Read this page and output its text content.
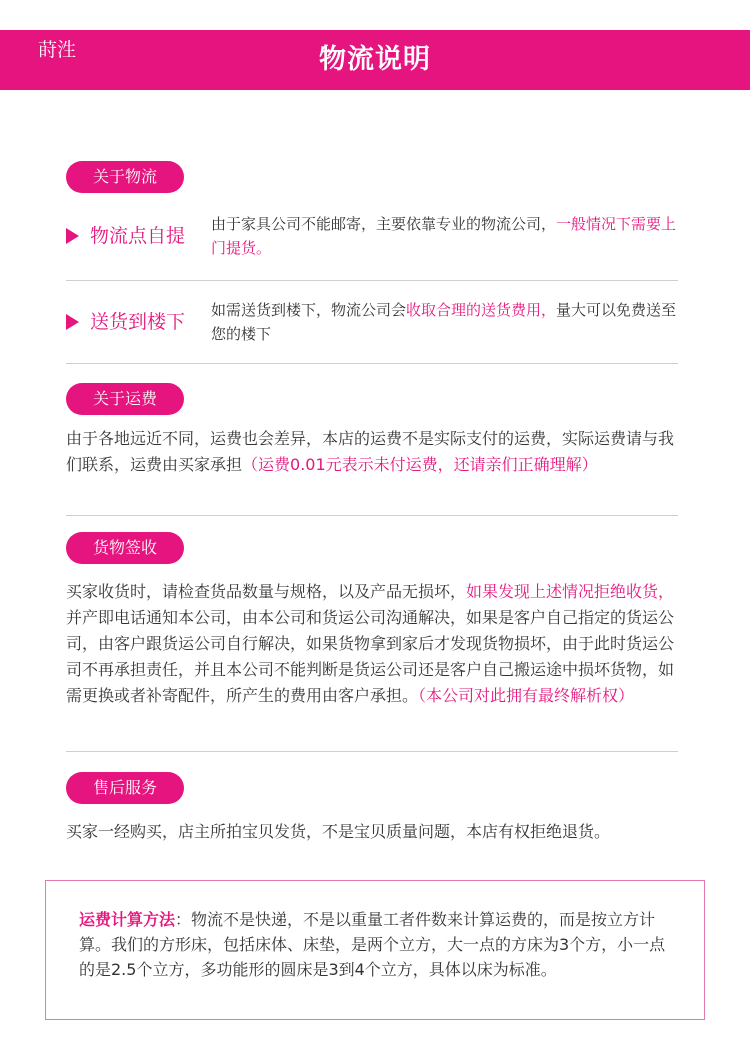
莳泩	物流说明
关于物流
物流点自提
由于家具公司不能邮寄，主要依靠专业的物流公司，一般情况下需要上门提货。
送货到楼下
如需送货到楼下，物流公司会收取合理的送货费用，量大可以免费送至您的楼下
关于运费
由于各地远近不同，运费也会差异，本店的运费不是实际支付的运费，实际运费请与我们联系，运费由买家承担（运费0.01元表示未付运费，还请亲们正确理解）
货物签收
买家收货时，请检查货品数量与规格，以及产品无损坏，如果发现上述情况拒绝收货，并产即电话通知本公司，由本公司和货运公司沟通解决，如果是客户自己指定的货运公司，由客户跟货运公司自行解决，如果货物拿到家后才发现货物损坏，由于此时货运公司不再承担责任，并且本公司不能判断是货运公司还是客户自己搬运途中损坏货物，如需更换或者补寄配件，所产生的费用由客户承担。（本公司对此拥有最终解析权）
售后服务
买家一经购买，店主所拍宝贝发货，不是宝贝质量问题，本店有权拒绝退货。
运费计算方法：物流不是快递，不是以重量工者件数来计算运费的，而是按立方计算。我们的方形床，包括床体、床垫，是两个立方，大一点的方床为3个方，小一点的是2.5个立方，多功能形的圆床是3到4个立方，具体以床为标准。
